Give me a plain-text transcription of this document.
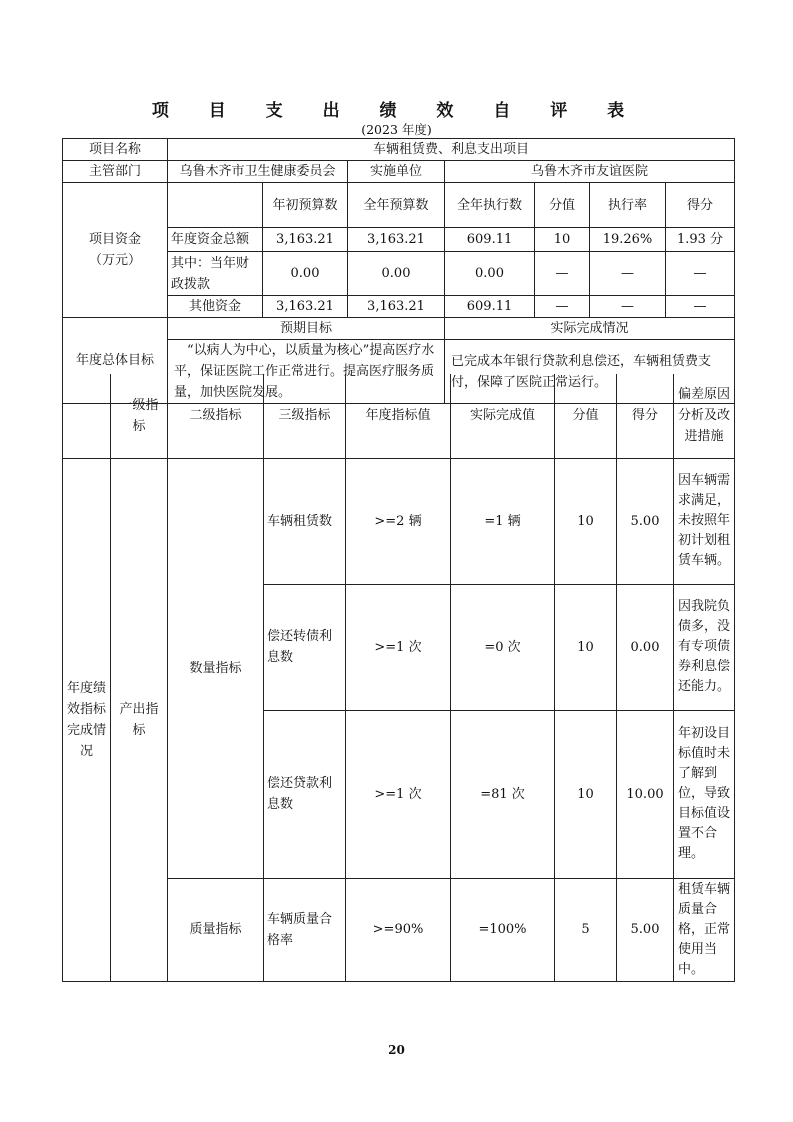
项 目 支 出 绩 效 自 评 表
(2023 年度)
项目名称	车辆租赁费、利息支出项目						
主管部门	乌鲁木齐市卫生健康委员会		实施单位	乌鲁木齐市友谊医院			
项目资金
（万元）		年初预算数	全年预算数	全年执行数	分值	执行率	得分
	年度资金总额	3,163.21	3,163.21	609.11	10	19.26%	1.93 分
	其中：当年财政拨款	0.00	0.00	0.00	—	—	—
	其他资金	3,163.21	3,163.21	609.11	—	—	—
年度总体目标	预期目标			实际完成情况			
	“以病人为中心，以质量为核心”提高医疗水平，保证医院工作正常进行。提高医疗服务质量，加快医院发展。			已完成本年银行贷款利息偿还，车辆租赁费支付，保障了医院正常运行。			
	一级指标	二级指标	三级指标	年度指标值	实际完成值	分值	得分	偏差原因分析及改进措施
年度绩效指标完成情况	产出指标	数量指标	车辆租赁数	>=2 辆	=1 辆	10	5.00	因车辆需求满足，未按照年初计划租赁车辆。
			偿还转债利息数	>=1 次	=0 次	10	0.00	因我院负债多，没有专项债券利息偿还能力。
			偿还贷款利息数	>=1 次	=81 次	10	10.00	年初设目标值时未了解到位，导致目标值设置不合理。
		质量指标	车辆质量合格率	>=90%	=100%	5	5.00	租赁车辆质量合格，正常使用当中。
20
